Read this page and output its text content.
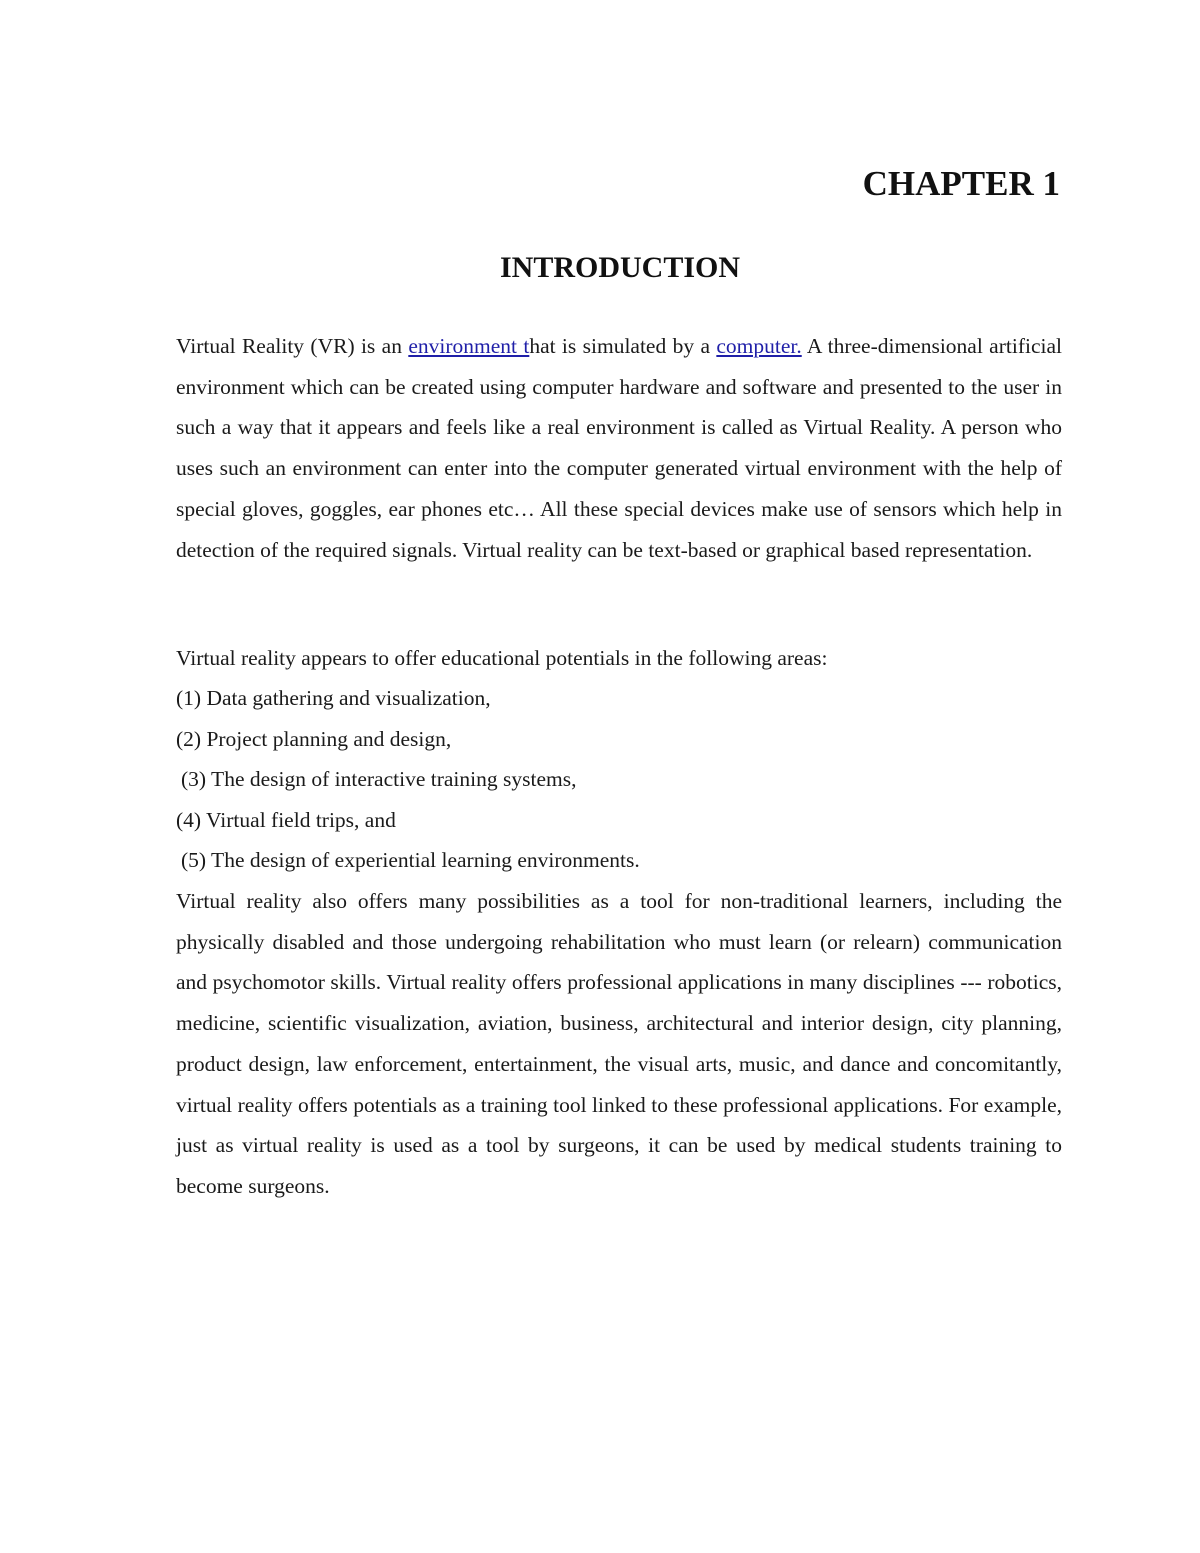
CHAPTER 1
INTRODUCTION

Virtual Reality (VR) is an environment that is simulated by a computer. A three-dimensional artificial environment which can be created using computer hardware and software and presented to the user in such a way that it appears and feels like a real environment is called as Virtual Reality. A person who uses such an environment can enter into the computer generated virtual environment with the help of special gloves, goggles, ear phones etc… All these special devices make use of sensors which help in detection of the required signals. Virtual reality can be text-based or graphical based representation.

Virtual reality appears to offer educational potentials in the following areas:

(1) Data gathering and visualization,

(2) Project planning and design,

(3) The design of interactive training systems,

(4) Virtual field trips, and

(5) The design of experiential learning environments.

Virtual reality also offers many possibilities as a tool for non-traditional learners, including the physically disabled and those undergoing rehabilitation who must learn (or relearn) communication and psychomotor skills. Virtual reality offers professional applications in many disciplines --- robotics, medicine, scientific visualization, aviation, business, architectural and interior design, city planning, product design, law enforcement, entertainment, the visual arts, music, and dance and concomitantly, virtual reality offers potentials as a training tool linked to these professional applications. For example, just as virtual reality is used as a tool by surgeons, it can be used by medical students training to become surgeons.
